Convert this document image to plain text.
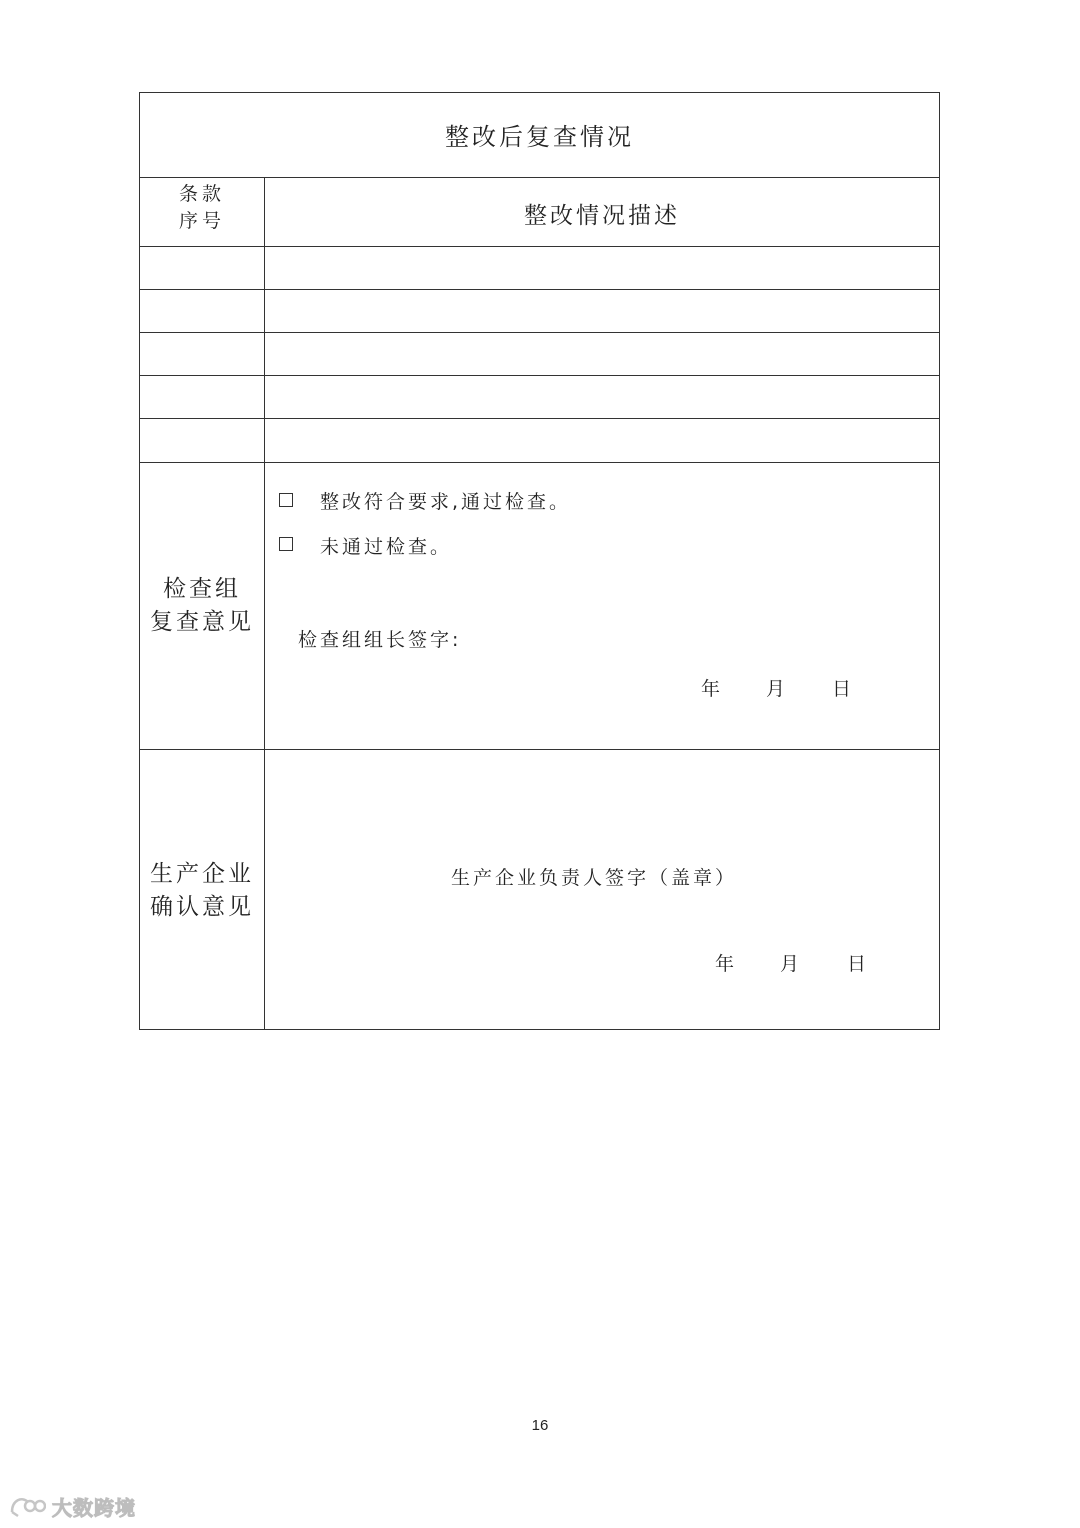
整改后复查情况
条款
序号	整改情况描述
检查组
复查意见
整改符合要求,通过检查。
未通过检查。
检查组组长签字:
年 月 日
生产企业
确认意见
生产企业负责人签字（盖章）
年 月	日
16
大数跨境
